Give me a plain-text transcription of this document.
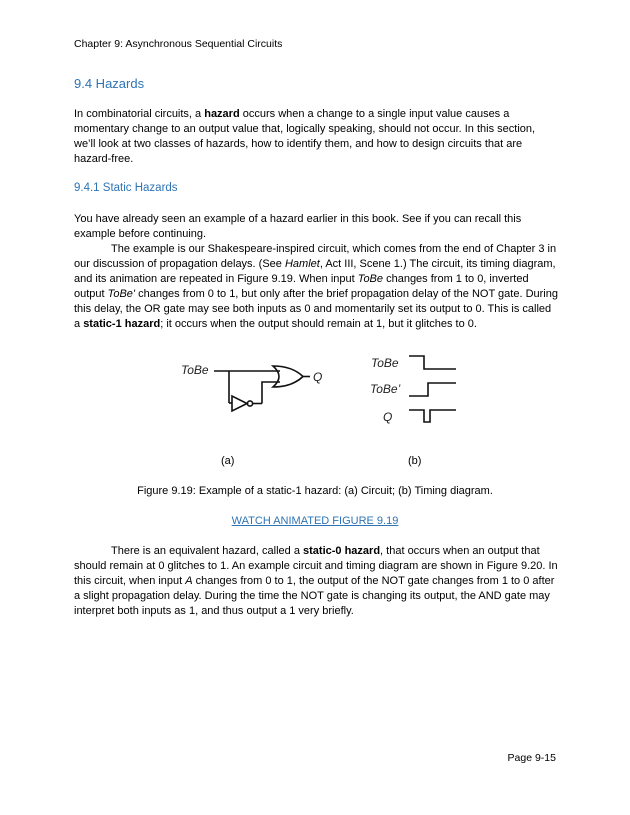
Chapter 9: Asynchronous Sequential Circuits
9.4 Hazards

In combinatorial circuits, a hazard occurs when a change to a single input value causes a momentary change to an output value that, logically speaking, should not occur. In this section, we’ll look at two classes of hazards, how to identify them, and how to design circuits that are hazard-free.

9.4.1 Static Hazards

You have already seen an example of a hazard earlier in this book. See if you can recall this example before continuing.
The example is our Shakespeare-inspired circuit, which comes from the end of Chapter 3 in our discussion of propagation delays. (See Hamlet, Act III, Scene 1.) The circuit, its timing diagram, and its animation are repeated in Figure 9.19. When input ToBe changes from 1 to 0, inverted output ToBe' changes from 0 to 1, but only after the brief propagation delay of the NOT gate. During this delay, the OR gate may see both inputs as 0 and momentarily set its output to 0. This is called a static-1 hazard; it occurs when the output should remain at 1, but it glitches to 0.

ToBe	Q
ToBe
ToBe’
Q
(a)	(b)
Figure 9.19: Example of a static-1 hazard: (a) Circuit; (b) Timing diagram.
WATCH ANIMATED FIGURE 9.19

There is an equivalent hazard, called a static-0 hazard, that occurs when an output that should remain at 0 glitches to 1. An example circuit and timing diagram are shown in Figure 9.20. In this circuit, when input A changes from 0 to 1, the output of the NOT gate changes from 1 to 0 after a slight propagation delay. During the time the NOT gate is changing its output, the AND gate may interpret both inputs as 1, and thus output a 1 very briefly.

Page 9-15
